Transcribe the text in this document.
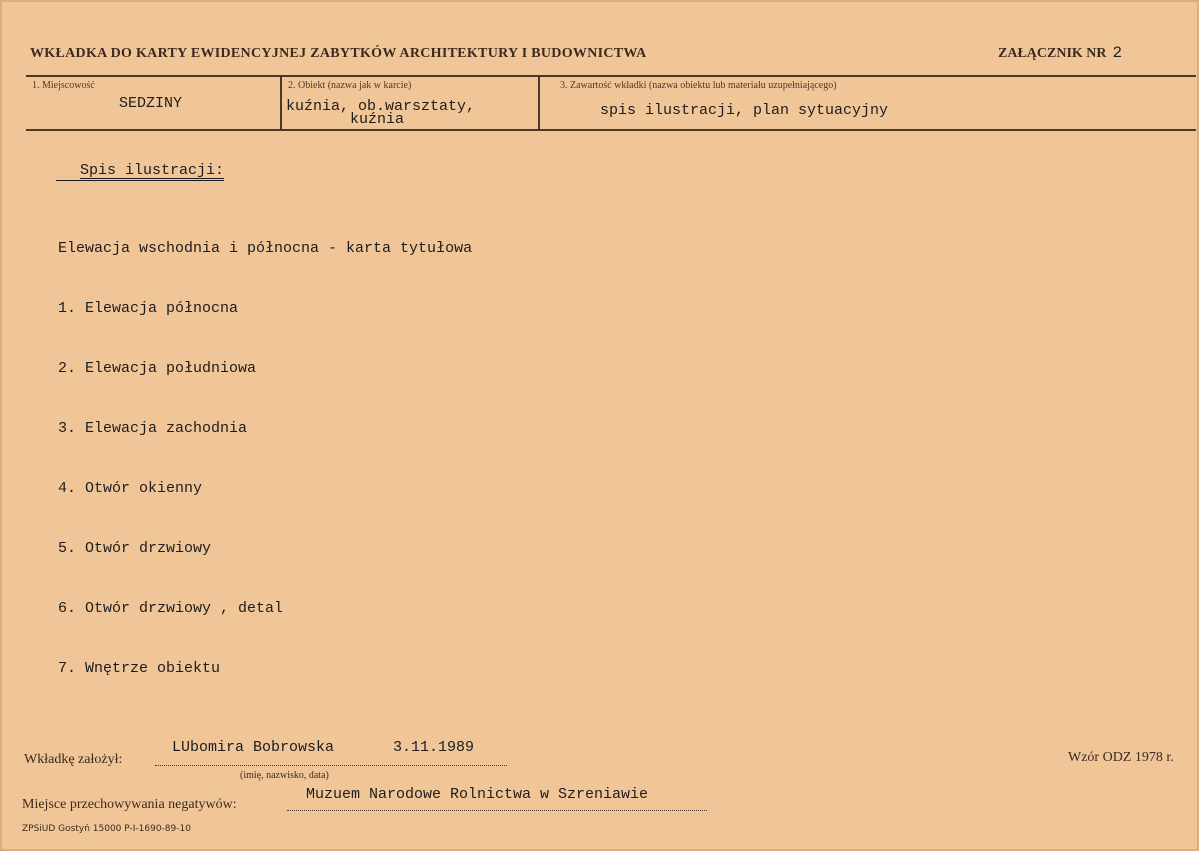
WKŁADKA DO KARTY EWIDENCYJNEJ ZABYTKÓW ARCHITEKTURY I BUDOWNICTWA	ZAŁĄCZNIK NR 2
1. Miejscowość
SEDZINY
2. Obiekt (nazwa jak w karcie)
kuźnia, ob.warsztaty,
kuźnia
3. Zawartość wkładki (nazwa obiektu lub materiału uzupełniającego)
spis ilustracji, plan sytuacyjny
Spis ilustracji:

Elewacja wschodnia i północna - karta tytułowa

1. Elewacja północna

2. Elewacja południowa

3. Elewacja zachodnia

4. Otwór okienny

5. Otwór drzwiowy

6. Otwór drzwiowy , detal

7. Wnętrze obiektu

Wkładkę założył:
LUbomira Bobrowska	3.11.1989
(imię, nazwisko, data)
Wzór ODZ 1978 r.
Miejsce przechowywania negatywów:
Muzuem Narodowe Rolnictwa w Szreniawie
ZPSiUD Gostyń 15000 P-I-1690-89-10
